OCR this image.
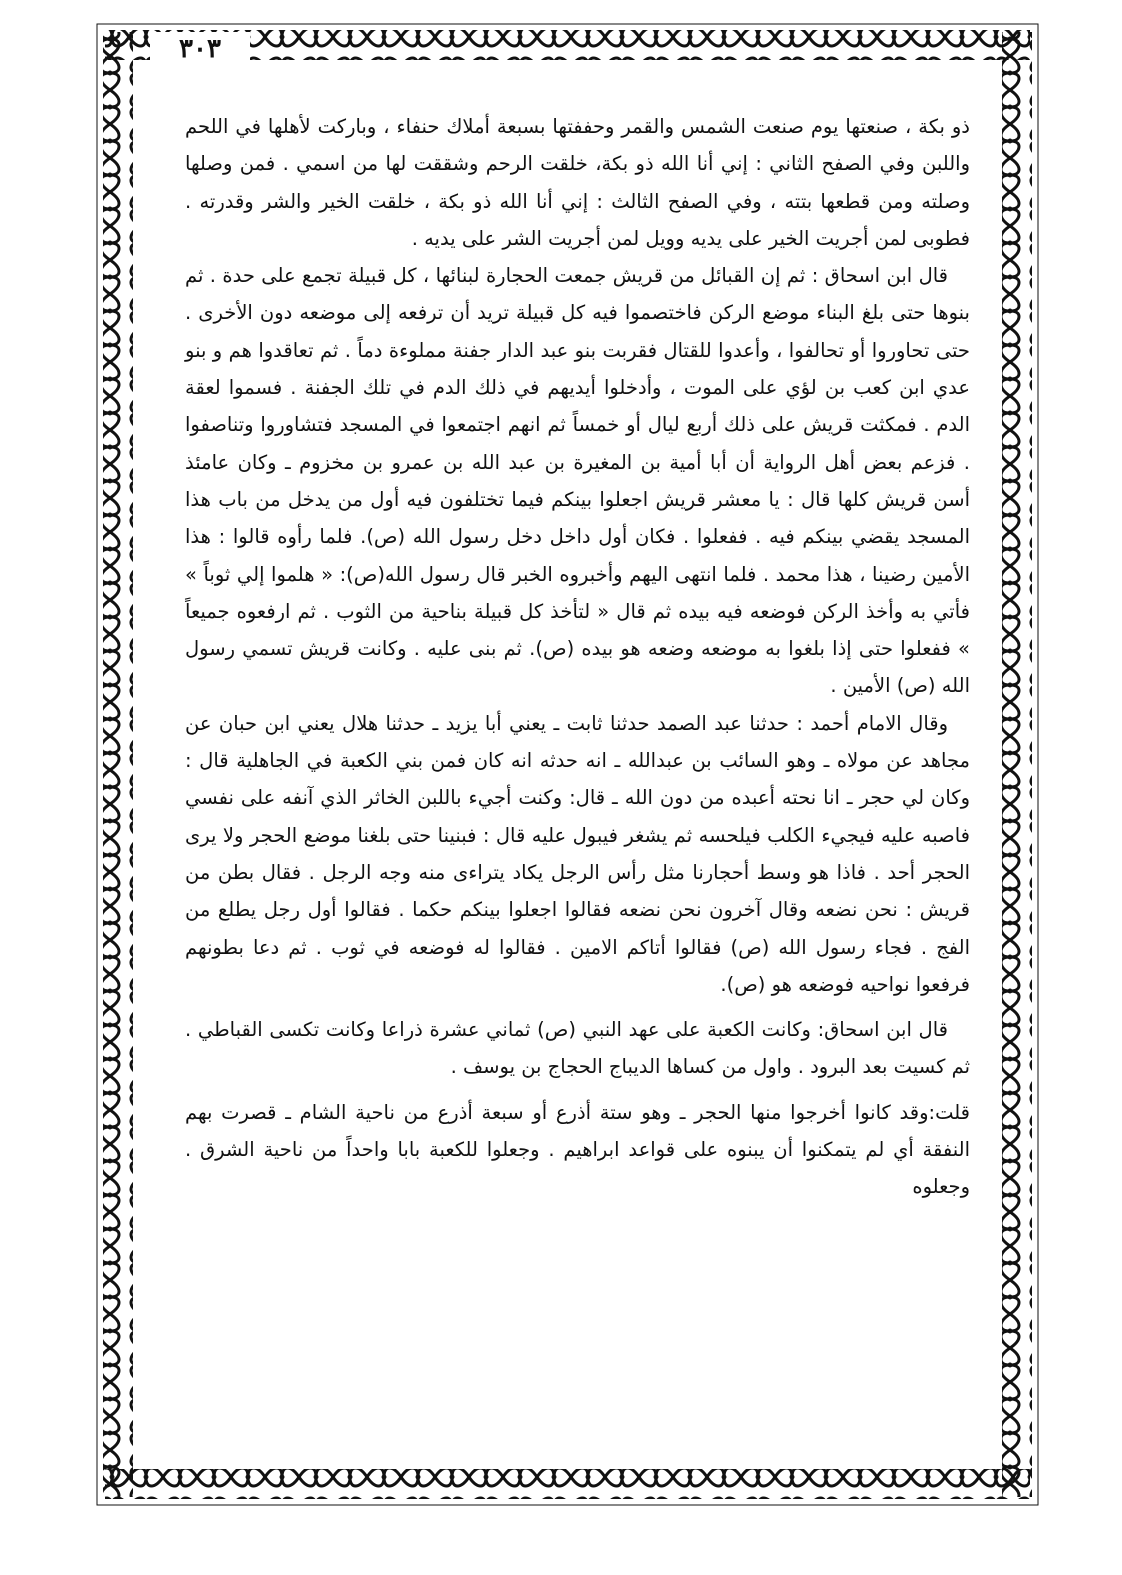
٣٠٣

ذو بكة ، صنعتها يوم صنعت الشمس والقمر وحففتها بسبعة أملاك حنفاء ، وباركت لأهلها في اللحم واللبن وفي الصفح الثاني : إني أنا الله ذو بكة، خلقت الرحم وشققت لها من اسمي . فمن وصلها وصلته ومن قطعها بتته ، وفي الصفح الثالث : إني أنا الله ذو بكة ، خلقت الخير والشر وقدرته . فطوبى لمن أجريت الخير على يديه وويل لمن أجريت الشر على يديه .

قال ابن اسحاق : ثم إن القبائل من قريش جمعت الحجارة لبنائها ، كل قبيلة تجمع على حدة . ثم بنوها حتى بلغ البناء موضع الركن فاختصموا فيه كل قبيلة تريد أن ترفعه إلى موضعه دون الأخرى . حتى تحاوروا أو تحالفوا ، وأعدوا للقتال فقربت بنو عبد الدار جفنة مملوءة دماً . ثم تعاقدوا هم و بنو عدي ابن كعب بن لؤي على الموت ، وأدخلوا أيديهم في ذلك الدم في تلك الجفنة . فسموا لعقة الدم . فمكثت قريش على ذلك أربع ليال أو خمساً ثم انهم اجتمعوا في المسجد فتشاوروا وتناصفوا . فزعم بعض أهل الرواية أن أبا أمية بن المغيرة بن عبد الله بن عمرو بن مخزوم ـ وكان عامئذ أسن قريش كلها قال : يا معشر قريش اجعلوا بينكم فيما تختلفون فيه أول من يدخل من باب هذا المسجد يقضي بينكم فيه . ففعلوا . فكان أول داخل دخل رسول الله (ص). فلما رأوه قالوا : هذا الأمين رضينا ، هذا محمد . فلما انتهى اليهم وأخبروه الخبر قال رسول الله(ص): « هلموا إلي ثوباً » فأتي به وأخذ الركن فوضعه فيه بيده ثم قال « لتأخذ كل قبيلة بناحية من الثوب . ثم ارفعوه جميعاً » ففعلوا حتى إذا بلغوا به موضعه وضعه هو بيده (ص). ثم بنى عليه . وكانت قريش تسمي رسول الله (ص) الأمين .

وقال الامام أحمد : حدثنا عبد الصمد حدثنا ثابت ـ يعني أبا يزيد ـ حدثنا هلال يعني ابن حبان عن مجاهد عن مولاه ـ وهو السائب بن عبدالله ـ انه حدثه انه كان فمن بني الكعبة في الجاهلية قال : وكان لي حجر ـ انا نحته أعبده من دون الله ـ قال: وكنت أجيء باللبن الخاثر الذي آنفه على نفسي فاصبه عليه فيجيء الكلب فيلحسه ثم يشغر فيبول عليه قال : فبنينا حتى بلغنا موضع الحجر ولا يرى الحجر أحد . فاذا هو وسط أحجارنا مثل رأس الرجل يكاد يتراءى منه وجه الرجل . فقال بطن من قريش : نحن نضعه وقال آخرون نحن نضعه فقالوا اجعلوا بينكم حكما . فقالوا أول رجل يطلع من الفج . فجاء رسول الله (ص) فقالوا أتاكم الامين . فقالوا له فوضعه في ثوب . ثم دعا بطونهم فرفعوا نواحيه فوضعه هو (ص).

قال ابن اسحاق: وكانت الكعبة على عهد النبي (ص) ثماني عشرة ذراعا وكانت تكسى القباطي . ثم كسيت بعد البرود . واول من كساها الديباج الحجاج بن يوسف .

قلت:وقد كانوا أخرجوا منها الحجر ـ وهو ستة أذرع أو سبعة أذرع من ناحية الشام ـ قصرت بهم النفقة أي لم يتمكنوا أن يبنوه على قواعد ابراهيم . وجعلوا للكعبة بابا واحداً من ناحية الشرق . وجعلوه
